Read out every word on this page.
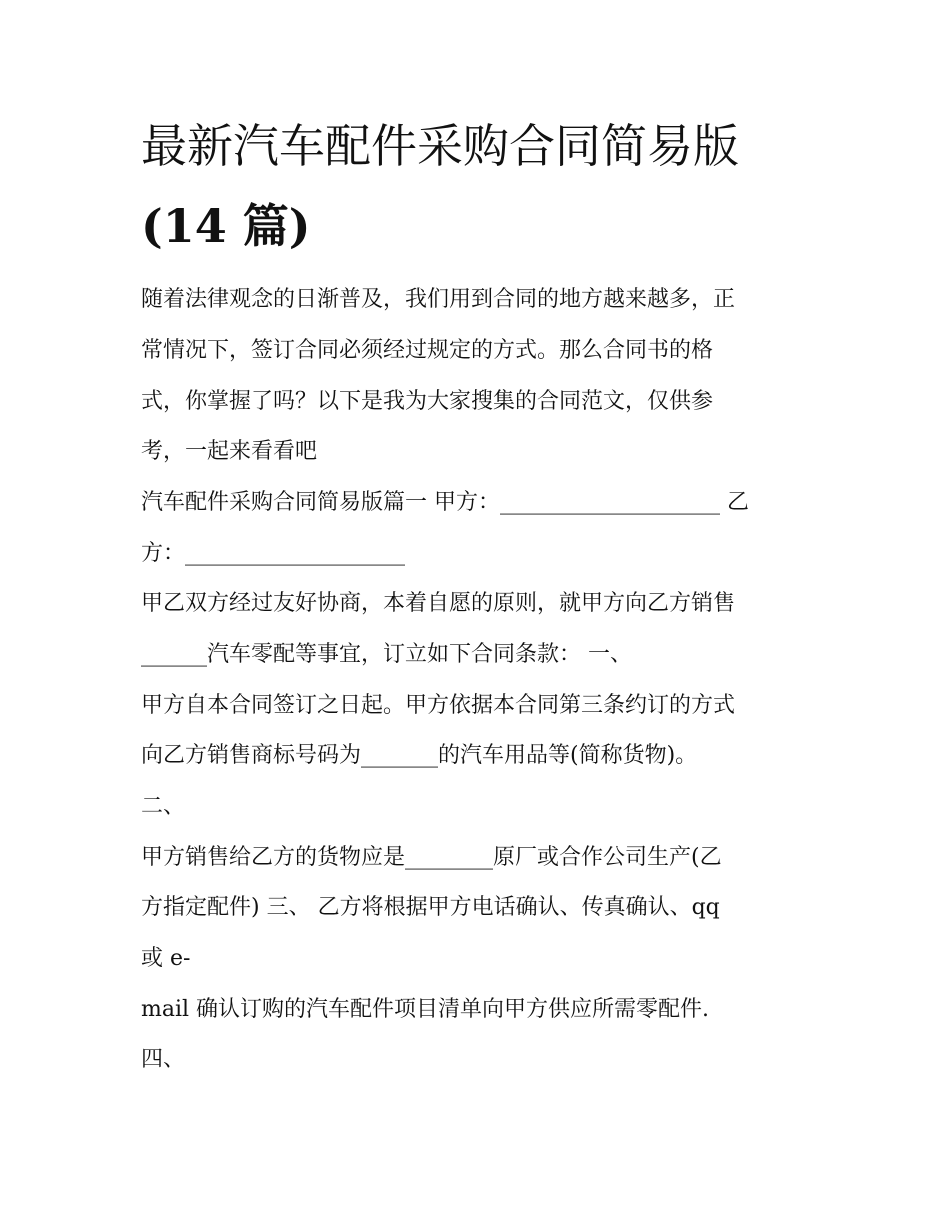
最新汽车配件采购合同简易版
(14 篇)

随着法律观念的日渐普及，我们用到合同的地方越来越多，正

常情况下，签订合同必须经过规定的方式。那么合同书的格

式，你掌握了吗？以下是我为大家搜集的合同范文，仅供参

考，一起来看看吧

汽车配件采购合同简易版篇一 甲方：____________________ 乙

方：____________________

甲乙双方经过友好协商，本着自愿的原则，就甲方向乙方销售

______汽车零配等事宜，订立如下合同条款： 一、

甲方自本合同签订之日起。甲方依据本合同第三条约订的方式

向乙方销售商标号码为_______的汽车用品等(简称货物)。

二、

甲方销售给乙方的货物应是________原厂或合作公司生产(乙

方指定配件) 三、 乙方将根据甲方电话确认、传真确认、qq

或 e-

mail 确认订购的汽车配件项目清单向甲方供应所需零配件.

四、
